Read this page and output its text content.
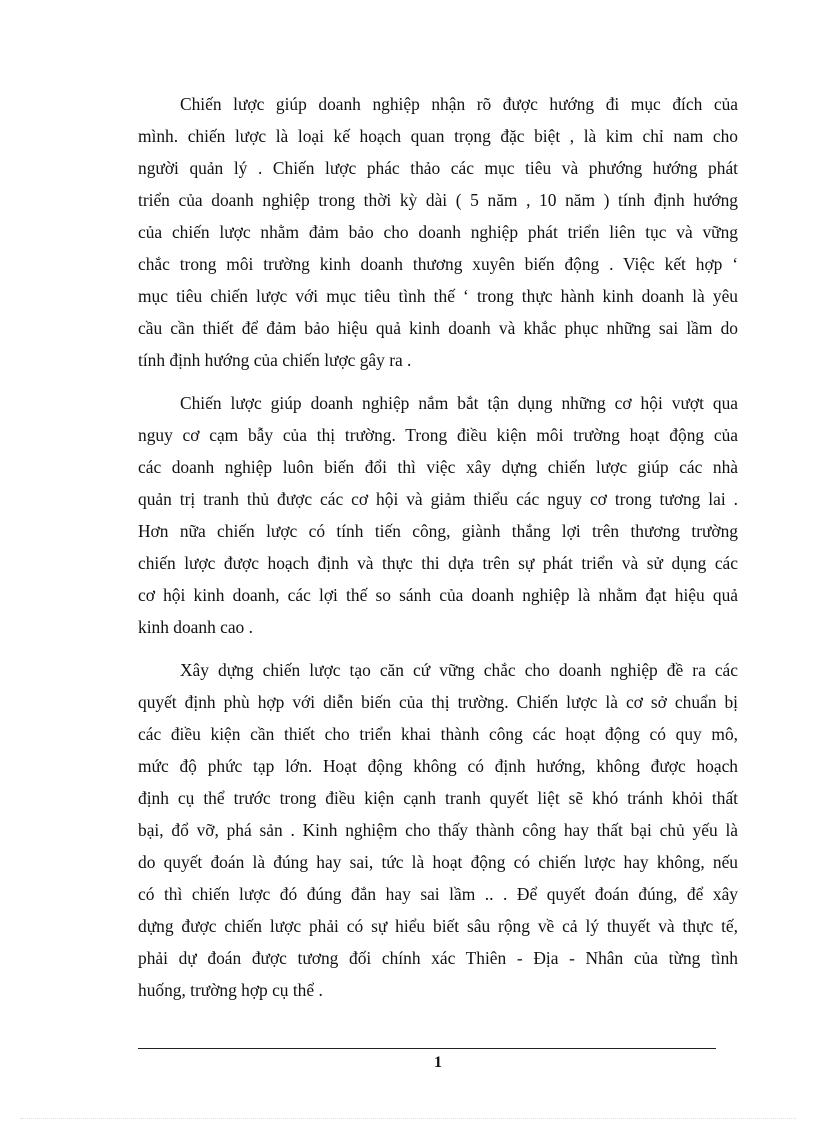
Chiến lược giúp doanh nghiệp nhận rõ được hướng đi mục đích của
mình. chiến lược là loại kế hoạch quan trọng đặc biệt , là kim chỉ nam cho
người quản lý . Chiến lược phác thảo các mục tiêu và phướng hướng phát
triển của doanh nghiệp trong thời kỳ dài ( 5 năm , 10 năm ) tính định hướng
của chiến lược nhằm đảm bảo cho doanh nghiệp phát triển liên tục và vững
chắc trong môi trường kinh doanh thương xuyên biến động . Việc kết hợp ‘
mục tiêu chiến lược với mục tiêu tình thế ‘ trong thực hành kinh doanh là yêu
cầu cần thiết để đảm bảo hiệu quả kinh doanh và khắc phục những sai lầm do
tính định hướng của chiến lược gây ra .
Chiến lược giúp doanh nghiệp nắm bắt tận dụng những cơ hội vượt qua
nguy cơ cạm bẫy của thị trường. Trong điều kiện môi trường hoạt động của
các doanh nghiệp luôn biến đổi thì việc xây dựng chiến lược giúp các nhà
quản trị tranh thủ được các cơ hội và giảm thiểu các nguy cơ trong tương lai .
Hơn nữa chiến lược có tính tiến công, giành thắng lợi trên thương trường
chiến lược được hoạch định và thực thi dựa trên sự phát triển và sử dụng các
cơ hội kinh doanh, các lợi thế so sánh của doanh nghiệp là nhằm đạt hiệu quả
kinh doanh cao .
Xây dựng chiến lược tạo căn cứ vững chắc cho doanh nghiệp đề ra các
quyết định phù hợp với diễn biến của thị trường. Chiến lược là cơ sở chuẩn bị
các điều kiện cần thiết cho triển khai thành công các hoạt động có quy mô,
mức độ phức tạp lớn. Hoạt động không có định hướng, không được hoạch
định cụ thể trước trong điều kiện cạnh tranh quyết liệt sẽ khó tránh khỏi thất
bại, đổ vỡ, phá sản . Kinh nghiệm cho thấy thành công hay thất bại chủ yếu là
do quyết đoán là đúng hay sai, tức là hoạt động có chiến lược hay không, nếu
có thì chiến lược đó đúng đắn hay sai lầm .. . Để quyết đoán đúng, để xây
dựng được chiến lược phải có sự hiểu biết sâu rộng về cả lý thuyết và thực tế,
phải dự đoán được tương đối chính xác Thiên - Địa - Nhân của từng tình
huống, trường hợp cụ thể .
1
